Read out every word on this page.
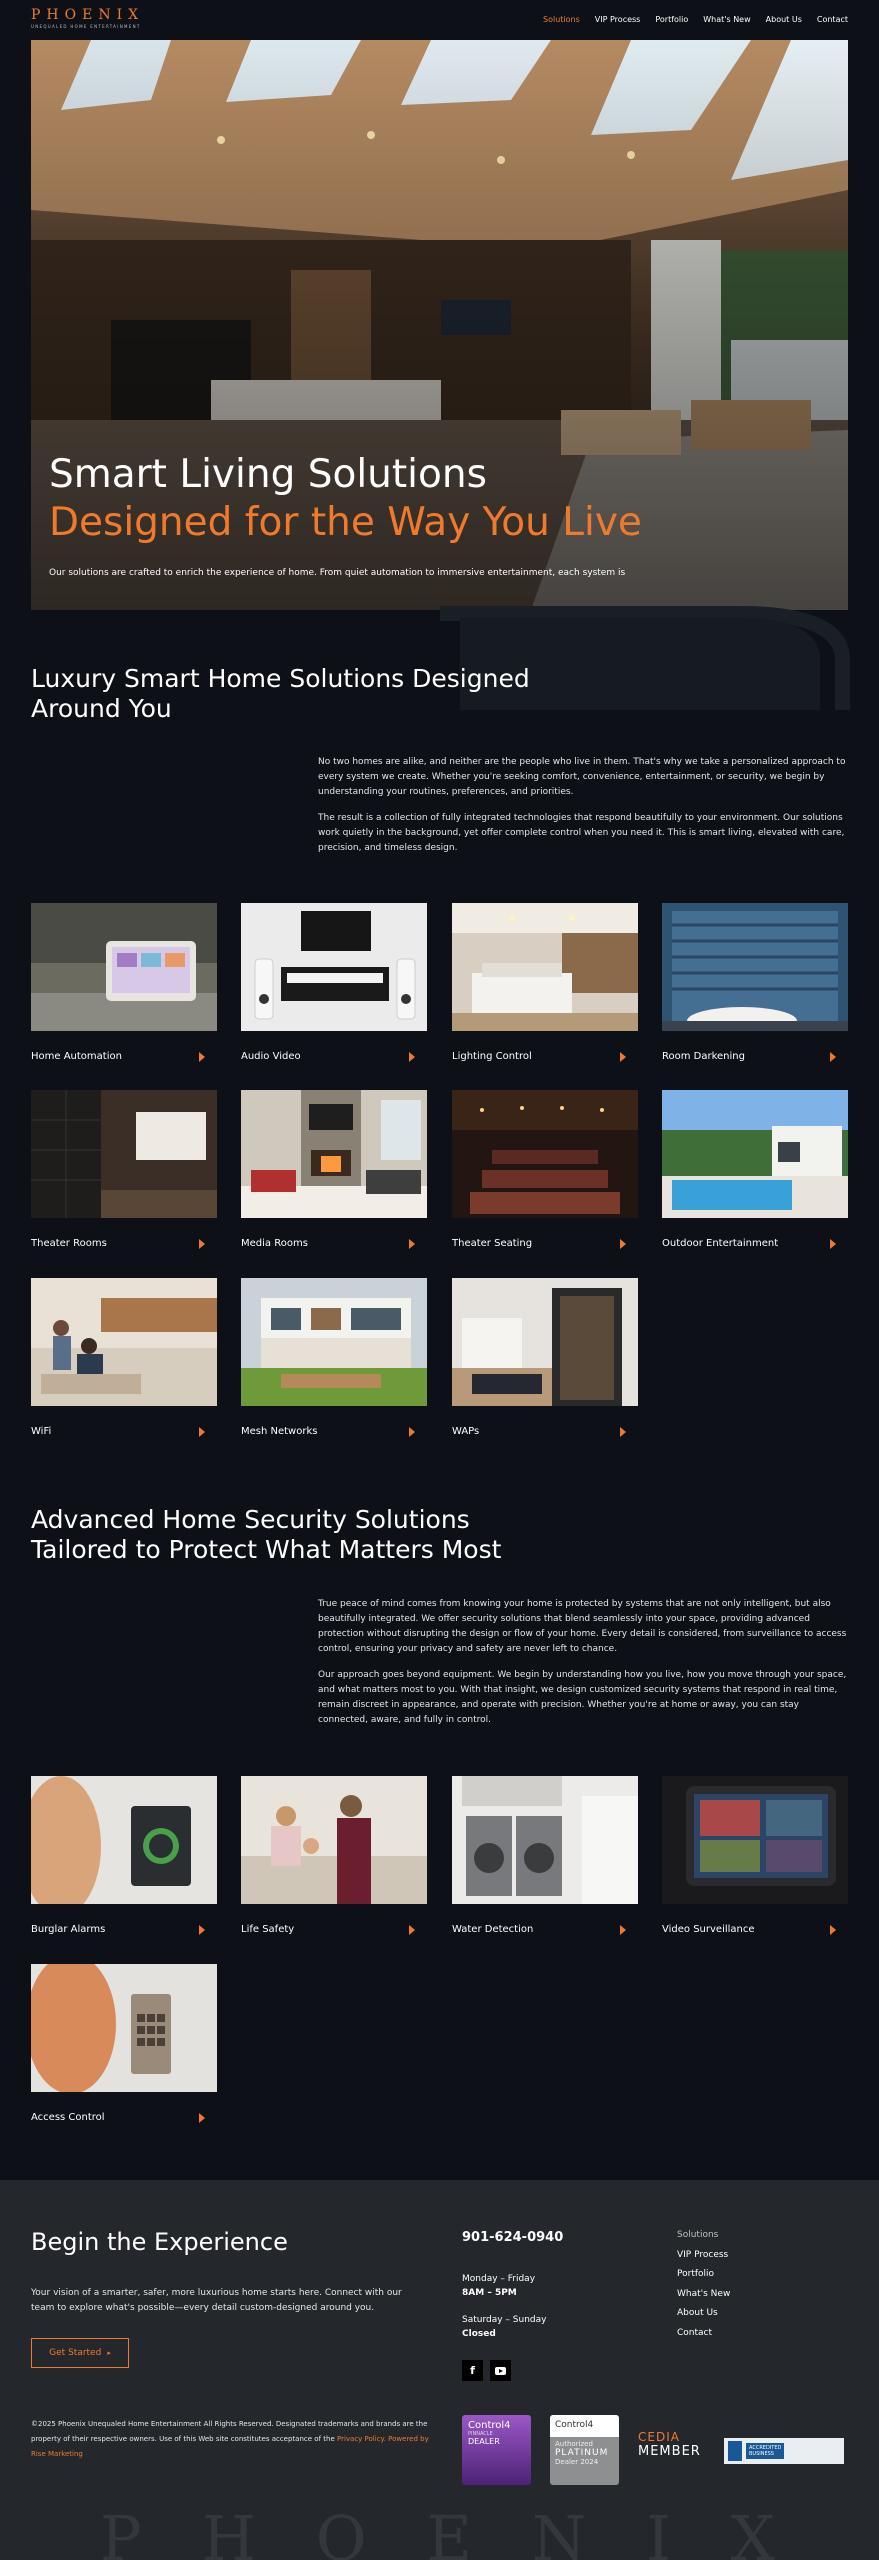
PHOENIX
UNEQUALED HOME ENTERTAINMENT
Solutions VIP Process Portfolio What's New About Us Contact
Smart Living Solutions
Designed for the Way You Live
Our solutions are crafted to enrich the experience of home. From quiet automation to immersive entertainment, each system is
Luxury Smart Home Solutions Designed
Around You

No two homes are alike, and neither are the people who live in them. That's why we take a personalized approach to every system we create. Whether you're seeking comfort, convenience, entertainment, or security, we begin by understanding your routines, preferences, and priorities.

The result is a collection of fully integrated technologies that respond beautifully to your environment. Our solutions work quietly in the background, yet offer complete control when you need it. This is smart living, elevated with care, precision, and timeless design.

Home Automation	Audio Video	Lighting Control	Room Darkening
Theater Rooms	Media Rooms	Theater Seating	Outdoor Entertainment
WiFi	Mesh Networks	WAPs
Advanced Home Security Solutions
Tailored to Protect What Matters Most

True peace of mind comes from knowing your home is protected by systems that are not only intelligent, but also beautifully integrated. We offer security solutions that blend seamlessly into your space, providing advanced protection without disrupting the design or flow of your home. Every detail is considered, from surveillance to access control, ensuring your privacy and safety are never left to chance.

Our approach goes beyond equipment. We begin by understanding how you live, how you move through your space, and what matters most to you. With that insight, we design customized security systems that respond in real time, remain discreet in appearance, and operate with precision. Whether you're at home or away, you can stay connected, aware, and fully in control.

Burglar Alarms	Life Safety	Water Detection	Video Surveillance
Access Control
Begin the Experience

Your vision of a smarter, safer, more luxurious home starts here. Connect with our team to explore what's possible—every detail custom-designed around you.

Get Started ▸
901-624-0940
Monday – Friday
8AM – 5PM
Saturday – Sunday
Closed
f
Solutions
VIP Process
Portfolio
What's New
About Us
Contact

©2025 Phoenix Unequaled Home Entertainment All Rights Reserved. Designated trademarks and brands are the property of their respective owners. Use of this Web site constitutes acceptance of the Privacy Policy. Powered by Rise Marketing

Control4
PINNACLE
DEALER
Control4
Authorized
PLATINUM
Dealer 2024
CEDIA
MEMBER	ACCREDITED
BUSINESS
PHOENIX
